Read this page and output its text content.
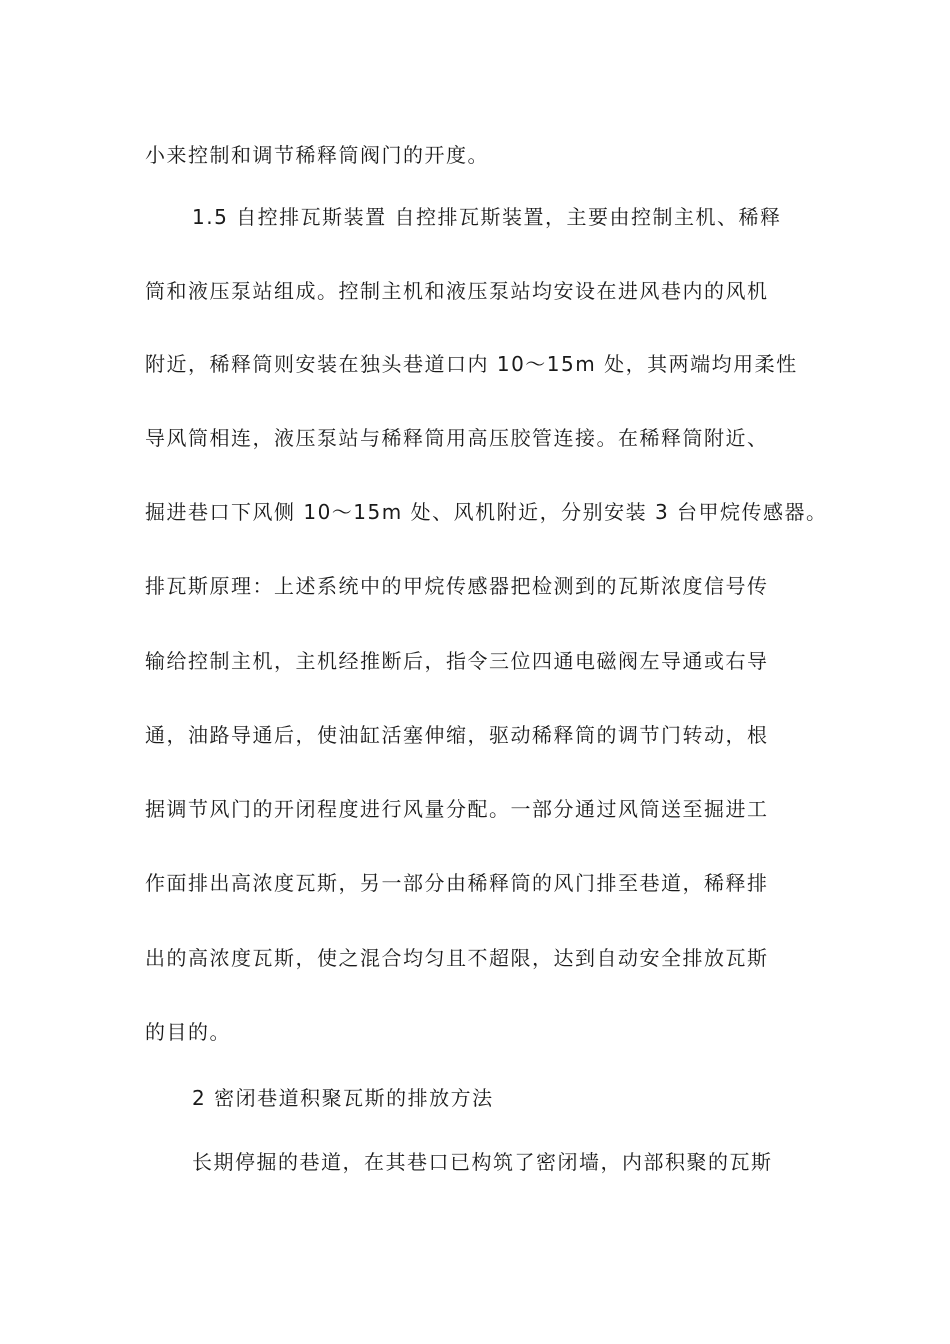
小来控制和调节稀释筒阀门的开度。
1.5 自控排瓦斯装置 自控排瓦斯装置，主要由控制主机、稀释
筒和液压泵站组成。控制主机和液压泵站均安设在进风巷内的风机
附近，稀释筒则安装在独头巷道口内 10～15m 处，其两端均用柔性
导风筒相连，液压泵站与稀释筒用高压胶管连接。在稀释筒附近、
掘进巷口下风侧 10～15m 处、风机附近，分别安装 3 台甲烷传感器。
排瓦斯原理：上述系统中的甲烷传感器把检测到的瓦斯浓度信号传
输给控制主机，主机经推断后，指令三位四通电磁阀左导通或右导
通，油路导通后，使油缸活塞伸缩，驱动稀释筒的调节门转动，根
据调节风门的开闭程度进行风量分配。一部分通过风筒送至掘进工
作面排出高浓度瓦斯，另一部分由稀释筒的风门排至巷道，稀释排
出的高浓度瓦斯，使之混合均匀且不超限，达到自动安全排放瓦斯
的目的。
2 密闭巷道积聚瓦斯的排放方法
长期停掘的巷道，在其巷口已构筑了密闭墙，内部积聚的瓦斯
